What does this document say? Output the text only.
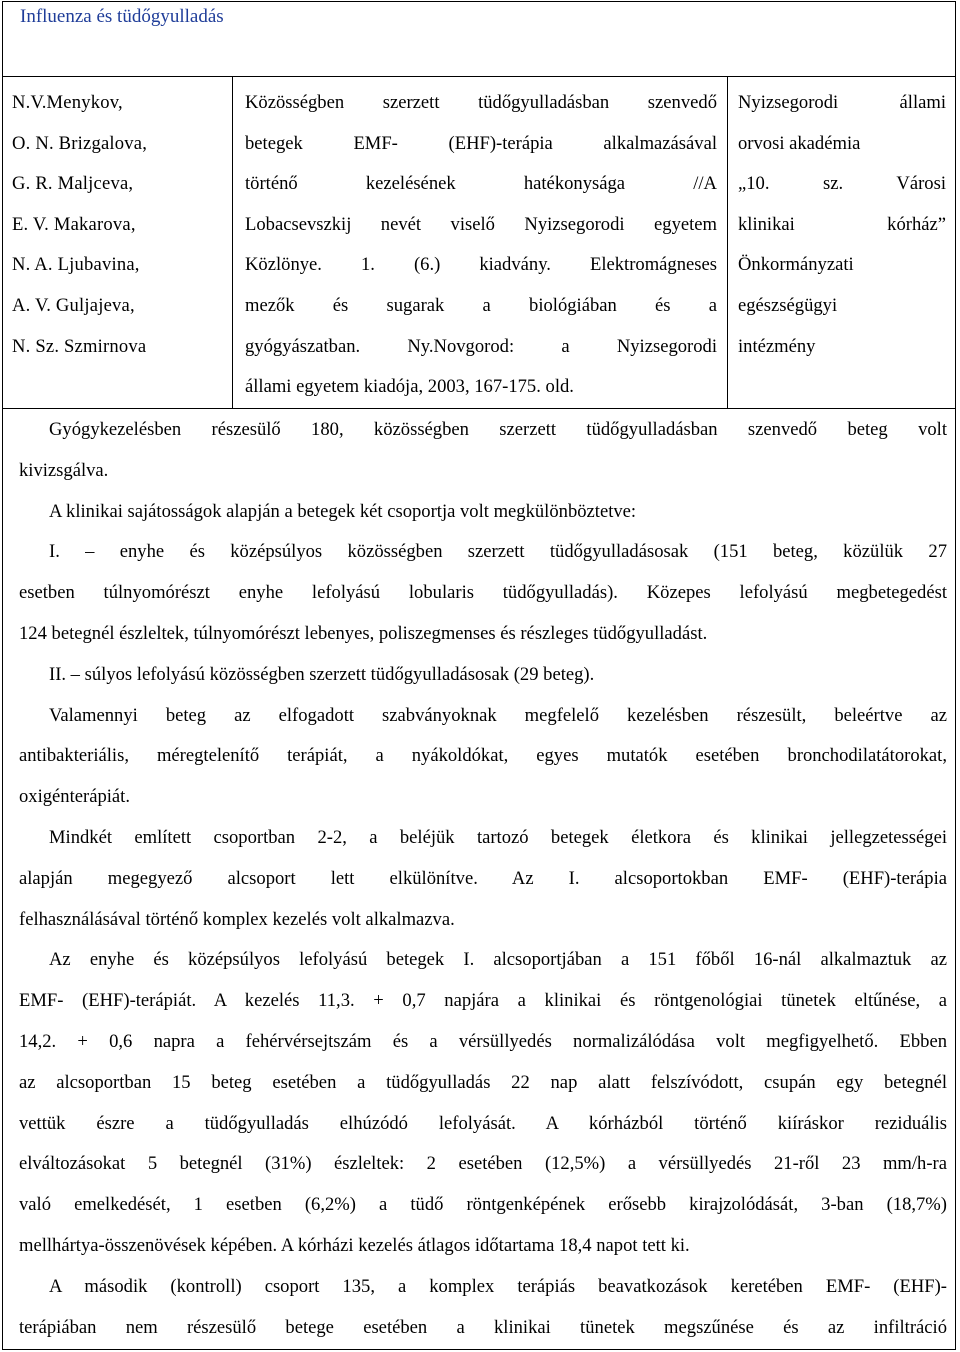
Influenza és tüdőgyulladás
N.V.Menykov,
O. N. Brizgalova,
G. R. Maljceva,
E. V. Makarova,
N. A. Ljubavina,
A. V. Guljajeva,
N. Sz. Szmirnova
Közösségben szerzett tüdőgyulladásban szenvedő
betegek EMF- (EHF)-terápia alkalmazásával
történő kezelésének hatékonysága //A
Lobacsevszkij nevét viselő Nyizsegorodi egyetem
Közlönye. 1. (6.) kiadvány. Elektromágneses
mezők és sugarak a biológiában és a
gyógyászatban. Ny.Novgorod: a Nyizsegorodi
állami egyetem kiadója, 2003, 167-175. old.
Nyizsegorodi állami
orvosi akadémia
„10. sz. Városi
klinikai kórház”
Önkormányzati
egészségügyi
intézmény
Gyógykezelésben részesülő 180, közösségben szerzett tüdőgyulladásban szenvedő beteg volt
kivizsgálva.
A klinikai sajátosságok alapján a betegek két csoportja volt megkülönböztetve:
I. – enyhe és középsúlyos közösségben szerzett tüdőgyulladásosak (151 beteg, közülük 27
esetben túlnyomórészt enyhe lefolyású lobularis tüdőgyulladás). Közepes lefolyású megbetegedést
124 betegnél észleltek, túlnyomórészt lebenyes, poliszegmenses és részleges tüdőgyulladást.
II. – súlyos lefolyású közösségben szerzett tüdőgyulladásosak (29 beteg).
Valamennyi beteg az elfogadott szabványoknak megfelelő kezelésben részesült, beleértve az
antibakteriális, méregtelenítő terápiát, a nyákoldókat, egyes mutatók esetében bronchodilatátorokat,
oxigénterápiát.
Mindkét említett csoportban 2-2, a beléjük tartozó betegek életkora és klinikai jellegzetességei
alapján megegyező alcsoport lett elkülönítve. Az I. alcsoportokban EMF- (EHF)-terápia
felhasználásával történő komplex kezelés volt alkalmazva.
Az enyhe és középsúlyos lefolyású betegek I. alcsoportjában a 151 főből 16-nál alkalmaztuk az
EMF- (EHF)-terápiát. A kezelés 11,3. + 0,7 napjára a klinikai és röntgenológiai tünetek eltűnése, a
14,2. + 0,6 napra a fehérvérsejtszám és a vérsüllyedés normalizálódása volt megfigyelhető. Ebben
az alcsoportban 15 beteg esetében a tüdőgyulladás 22 nap alatt felszívódott, csupán egy betegnél
vettük észre a tüdőgyulladás elhúzódó lefolyását. A kórházból történő kiíráskor reziduális
elváltozásokat 5 betegnél (31%) észleltek: 2 esetében (12,5%) a vérsüllyedés 21-ről 23 mm/h-ra
való emelkedését, 1 esetben (6,2%) a tüdő röntgenképének erősebb kirajzolódását, 3-ban (18,7%)
mellhártya-összenövések képében. A kórházi kezelés átlagos időtartama 18,4 napot tett ki.
A második (kontroll) csoport 135, a komplex terápiás beavatkozások keretében EMF- (EHF)-
terápiában nem részesülő betege esetében a klinikai tünetek megszűnése és az infiltráció
